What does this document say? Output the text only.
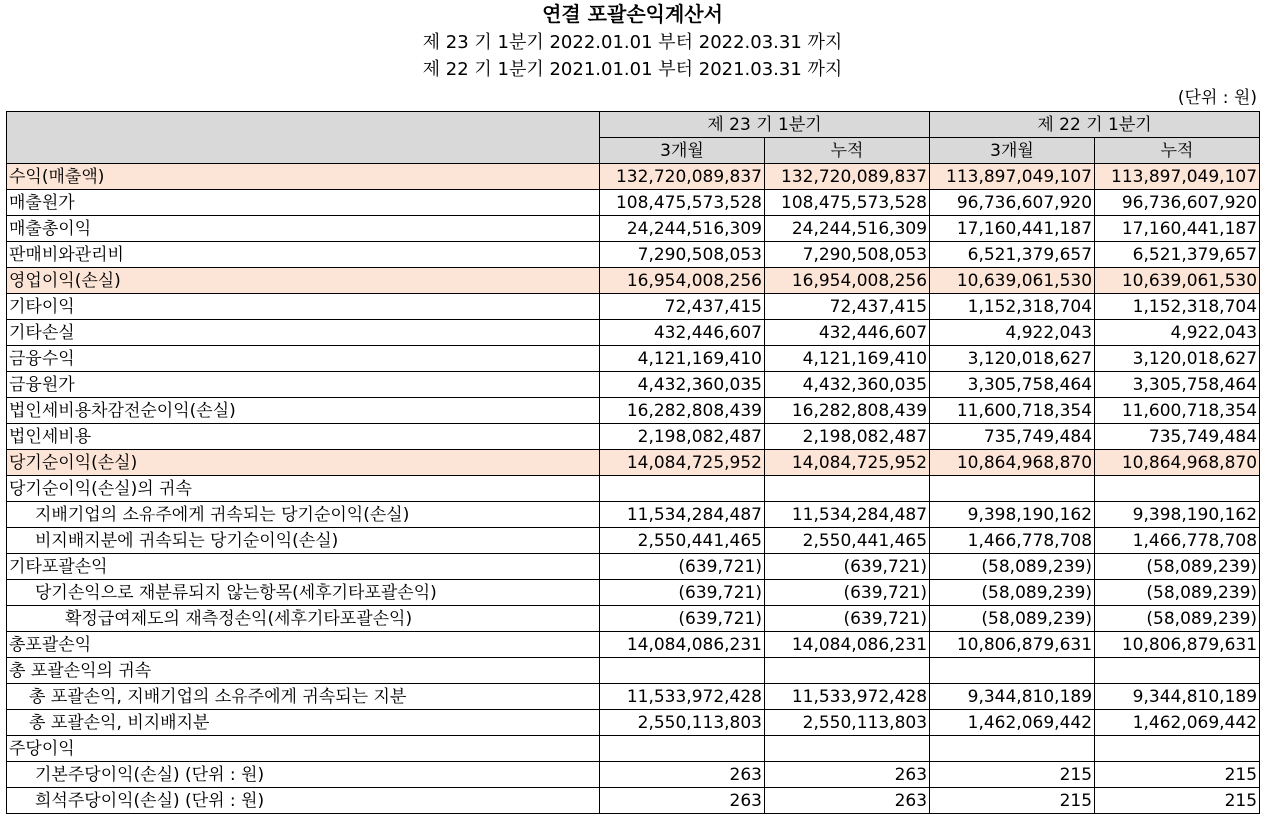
연결 포괄손익계산서
제 23 기 1분기 2022.01.01 부터 2022.03.31 까지
제 22 기 1분기 2021.01.01 부터 2021.03.31 까지
(단위 : 원)
	제 23 기 1분기		제 22 기 1분기	
	3개월	누적	3개월	누적
수익(매출액)	132,720,089,837	132,720,089,837	113,897,049,107	113,897,049,107
매출원가	108,475,573,528	108,475,573,528	96,736,607,920	96,736,607,920
매출총이익	24,244,516,309	24,244,516,309	17,160,441,187	17,160,441,187
판매비와관리비	7,290,508,053	7,290,508,053	6,521,379,657	6,521,379,657
영업이익(손실)	16,954,008,256	16,954,008,256	10,639,061,530	10,639,061,530
기타이익	72,437,415	72,437,415	1,152,318,704	1,152,318,704
기타손실	432,446,607	432,446,607	4,922,043	4,922,043
금융수익	4,121,169,410	4,121,169,410	3,120,018,627	3,120,018,627
금융원가	4,432,360,035	4,432,360,035	3,305,758,464	3,305,758,464
법인세비용차감전순이익(손실)	16,282,808,439	16,282,808,439	11,600,718,354	11,600,718,354
법인세비용	2,198,082,487	2,198,082,487	735,749,484	735,749,484
당기순이익(손실)	14,084,725,952	14,084,725,952	10,864,968,870	10,864,968,870
당기순이익(손실)의 귀속				
지배기업의 소유주에게 귀속되는 당기순이익(손실)	11,534,284,487	11,534,284,487	9,398,190,162	9,398,190,162
비지배지분에 귀속되는 당기순이익(손실)	2,550,441,465	2,550,441,465	1,466,778,708	1,466,778,708
기타포괄손익	(639,721)	(639,721)	(58,089,239)	(58,089,239)
당기손익으로 재분류되지 않는항목(세후기타포괄손익)	(639,721)	(639,721)	(58,089,239)	(58,089,239)
확정급여제도의 재측정손익(세후기타포괄손익)	(639,721)	(639,721)	(58,089,239)	(58,089,239)
총포괄손익	14,084,086,231	14,084,086,231	10,806,879,631	10,806,879,631
총 포괄손익의 귀속				
총 포괄손익, 지배기업의 소유주에게 귀속되는 지분	11,533,972,428	11,533,972,428	9,344,810,189	9,344,810,189
총 포괄손익, 비지배지분	2,550,113,803	2,550,113,803	1,462,069,442	1,462,069,442
주당이익				
기본주당이익(손실) (단위 : 원)	263	263	215	215
희석주당이익(손실) (단위 : 원)	263	263	215	215
